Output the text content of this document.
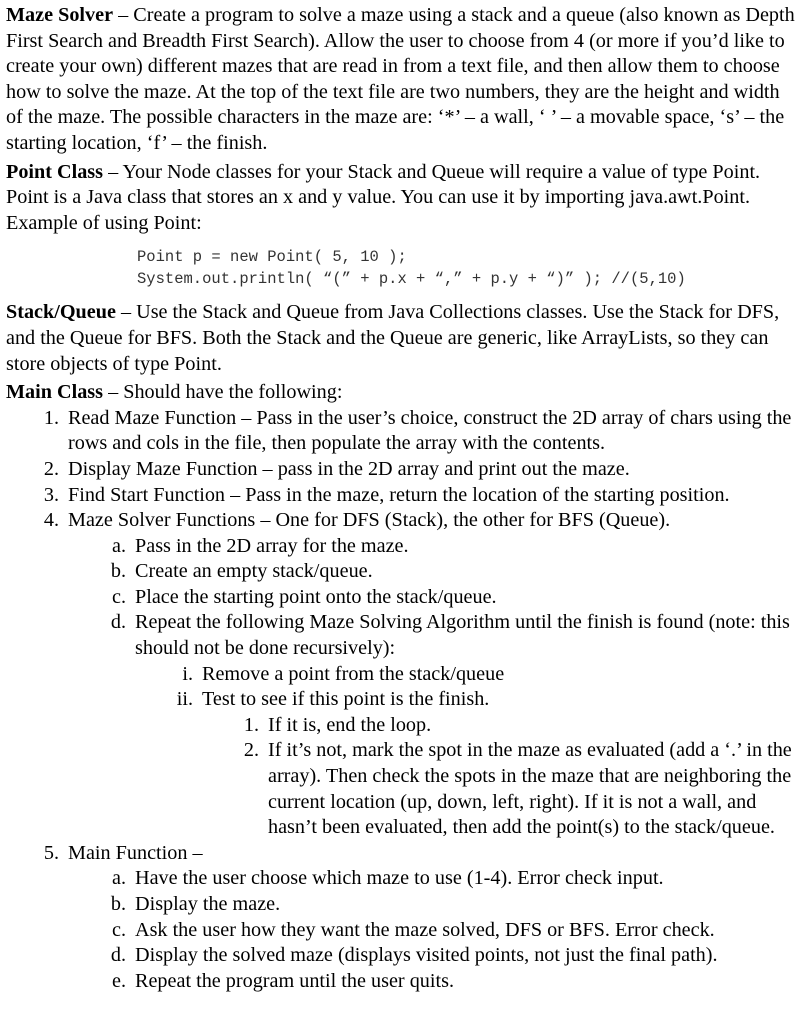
Maze Solver – Create a program to solve a maze using a stack and a queue (also known as Depth First Search and Breadth First Search). Allow the user to choose from 4 (or more if you’d like to create your own) different mazes that are read in from a text file, and then allow them to choose how to solve the maze. At the top of the text file are two numbers, they are the height and width of the maze. The possible characters in the maze are: ‘*’ – a wall, ‘ ’ – a movable space, ‘s’ – the starting location, ‘f’ – the finish.

Point Class – Your Node classes for your Stack and Queue will require a value of type Point. Point is a Java class that stores an x and y value. You can use it by importing java.awt.Point. Example of using Point:

Point p = new Point( 5, 10 );
System.out.println( “(” + p.x + “,” + p.y + “)” ); //(5,10)

Stack/Queue – Use the Stack and Queue from Java Collections classes. Use the Stack for DFS, and the Queue for BFS. Both the Stack and the Queue are generic, like ArrayLists, so they can store objects of type Point.

Main Class – Should have the following:

1. Read Maze Function – Pass in the user’s choice, construct the 2D array of chars using the rows and cols in the file, then populate the array with the contents.
2. Display Maze Function – pass in the 2D array and print out the maze.
3. Find Start Function – Pass in the maze, return the location of the starting position.
4. Maze Solver Functions – One for DFS (Stack), the other for BFS (Queue).
a. Pass in the 2D array for the maze.
b. Create an empty stack/queue.
c. Place the starting point onto the stack/queue.
d. Repeat the following Maze Solving Algorithm until the finish is found (note: this should not be done recursively):
i. Remove a point from the stack/queue
ii. Test to see if this point is the finish.
1. If it is, end the loop.
2. If it’s not, mark the spot in the maze as evaluated (add a ‘.’ in the array). Then check the spots in the maze that are neighboring the current location (up, down, left, right). If it is not a wall, and hasn’t been evaluated, then add the point(s) to the stack/queue.
5. Main Function –
a. Have the user choose which maze to use (1-4). Error check input.
b. Display the maze.
c. Ask the user how they want the maze solved, DFS or BFS. Error check.
d. Display the solved maze (displays visited points, not just the final path).
e. Repeat the program until the user quits.
